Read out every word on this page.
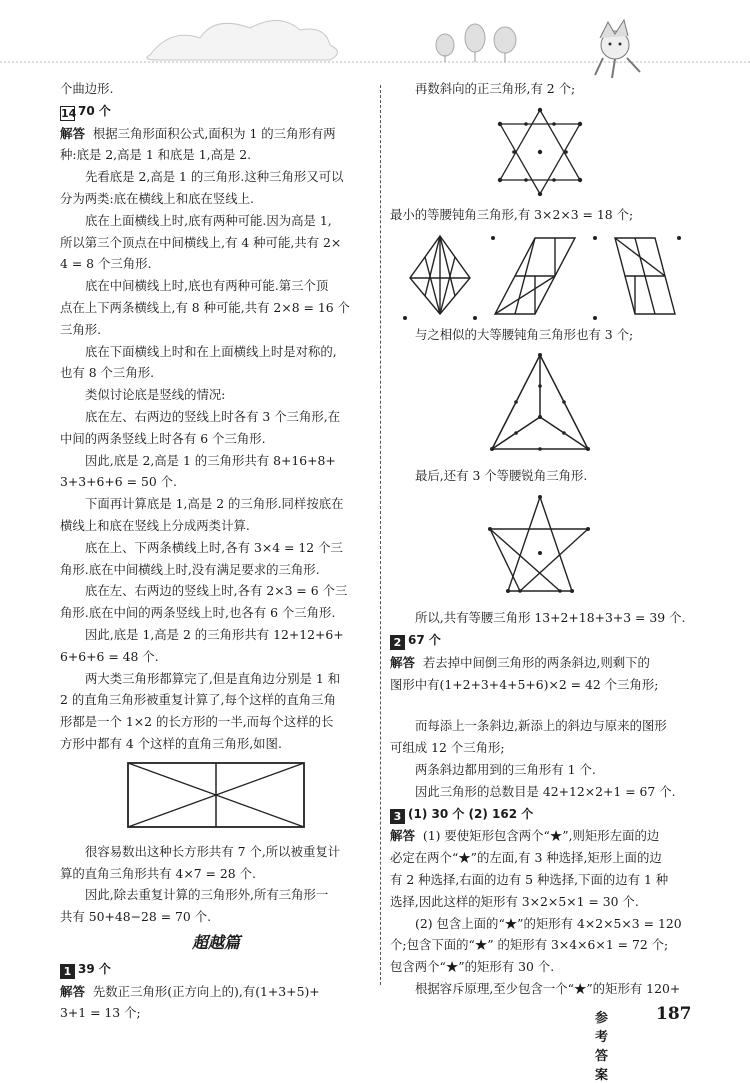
个曲边形.

14 70 个

解答 根据三角形面积公式,面积为 1 的三角形有两

种:底是 2,高是 1 和底是 1,高是 2.

先看底是 2,高是 1 的三角形.这种三角形又可以

分为两类:底在横线上和底在竖线上.

底在上面横线上时,底有两种可能.因为高是 1,

所以第三个顶点在中间横线上,有 4 种可能,共有 2×

4 = 8 个三角形.

底在中间横线上时,底也有两种可能.第三个顶

点在上下两条横线上,有 8 种可能,共有 2×8 = 16 个

三角形.

底在下面横线上时和在上面横线上时是对称的,

也有 8 个三角形.

类似讨论底是竖线的情况:

底在左、右两边的竖线上时各有 3 个三角形,在

中间的两条竖线上时各有 6 个三角形.

因此,底是 2,高是 1 的三角形共有 8+16+8+

3+3+6+6 = 50 个.

下面再计算底是 1,高是 2 的三角形.同样按底在

横线上和底在竖线上分成两类计算.

底在上、下两条横线上时,各有 3×4 = 12 个三

角形.底在中间横线上时,没有满足要求的三角形.

底在左、右两边的竖线上时,各有 2×3 = 6 个三

角形.底在中间的两条竖线上时,也各有 6 个三角形.

因此,底是 1,高是 2 的三角形共有 12+12+6+

6+6+6 = 48 个.

两大类三角形都算完了,但是直角边分别是 1 和

2 的直角三角形被重复计算了,每个这样的直角三角

形都是一个 1×2 的长方形的一半,而每个这样的长

方形中都有 4 个这样的直角三角形,如图.

很容易数出这种长方形共有 7 个,所以被重复计

算的直角三角形共有 4×7 = 28 个.

因此,除去重复计算的三角形外,所有三角形一

共有 50+48−28 = 70 个.

超越篇

1 39 个

解答 先数正三角形(正方向上的),有(1+3+5)+

3+1 = 13 个;

再数斜向的正三角形,有 2 个;

最小的等腰钝角三角形,有 3×2×3 = 18 个;

与之相似的大等腰钝角三角形也有 3 个;

最后,还有 3 个等腰锐角三角形.

所以,共有等腰三角形 13+2+18+3+3 = 39 个.

2 67 个

解答 若去掉中间倒三角形的两条斜边,则剩下的

图形中有(1+2+3+4+5+6)×2 = 42 个三角形;

而每添上一条斜边,新添上的斜边与原来的图形

可组成 12 个三角形;

两条斜边都用到的三角形有 1 个.

因此三角形的总数目是 42+12×2+1 = 67 个.

3 (1) 30 个 (2) 162 个

解答 (1) 要使矩形包含两个“★”,则矩形左面的边

必定在两个“★”的左面,有 3 种选择,矩形上面的边

有 2 种选择,右面的边有 5 种选择,下面的边有 1 种

选择,因此这样的矩形有 3×2×5×1 = 30 个.

(2) 包含上面的“★”的矩形有 4×2×5×3 = 120

个;包含下面的“★” 的矩形有 3×4×6×1 = 72 个;

包含两个“★”的矩形有 30 个.

根据容斥原理,至少包含一个“★”的矩形有 120+

参考答案
187
